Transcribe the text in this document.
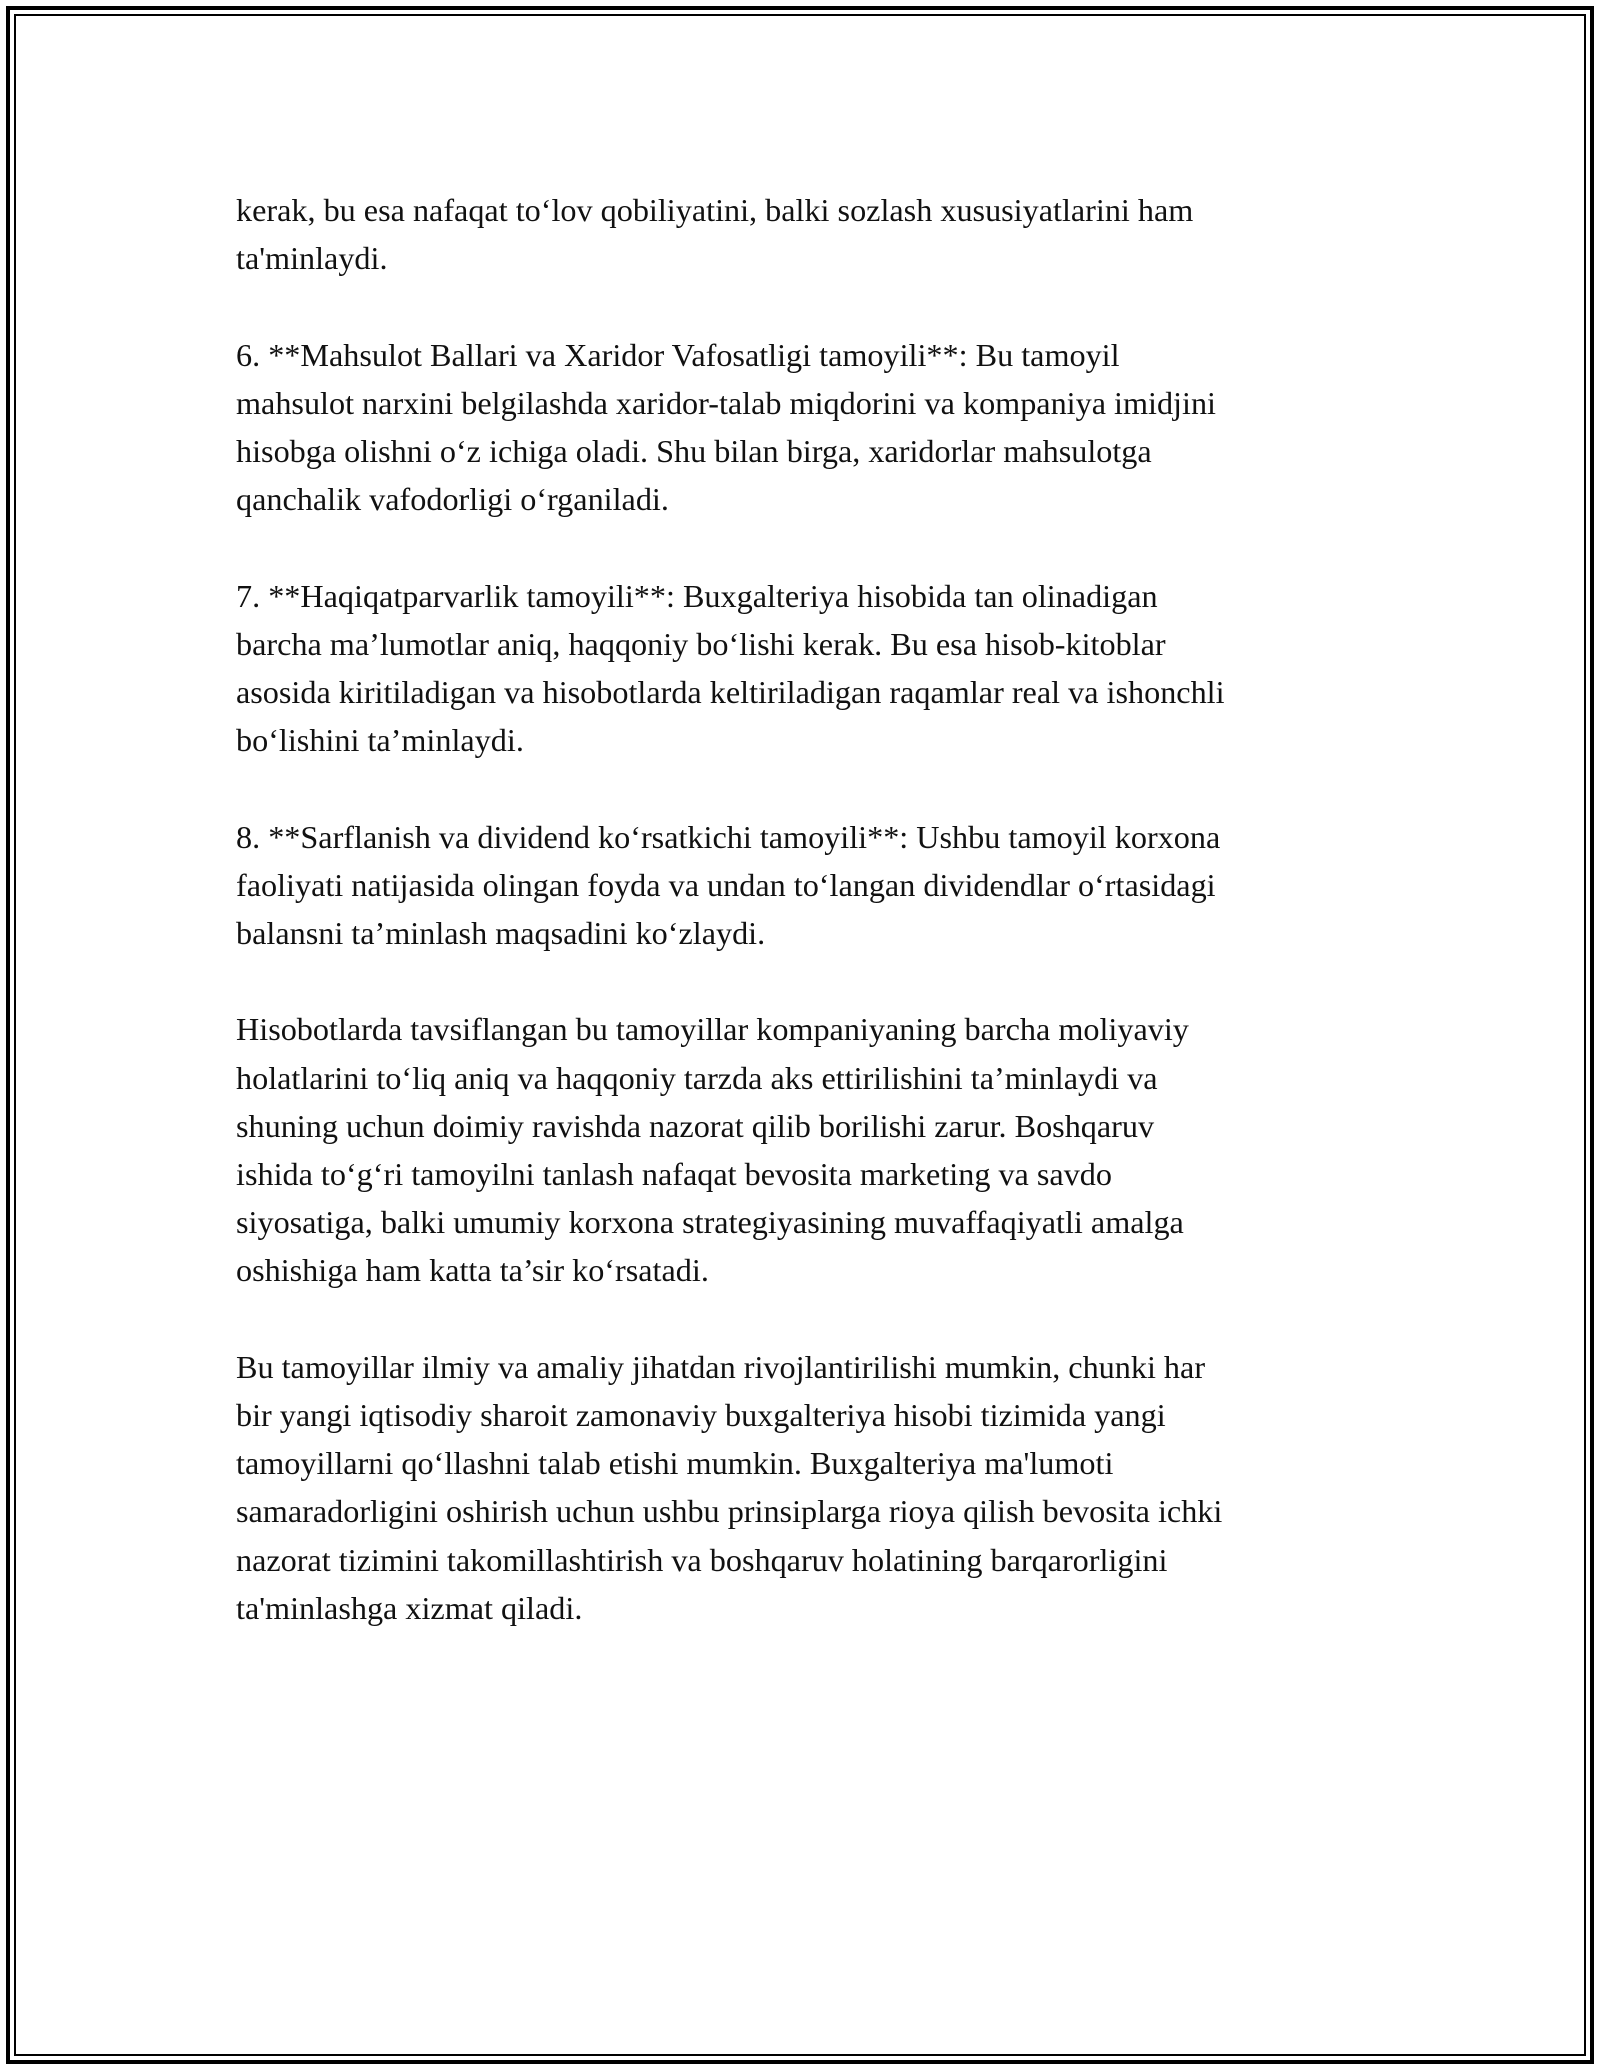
kerak, bu esa nafaqat to‘lov qobiliyatini, balki sozlash xususiyatlarini ham
ta'minlaydi.

6. **Mahsulot Ballari va Xaridor Vafosatligi tamoyili**: Bu tamoyil
mahsulot narxini belgilashda xaridor-talab miqdorini va kompaniya imidjini
hisobga olishni o‘z ichiga oladi. Shu bilan birga, xaridorlar mahsulotga
qanchalik vafodorligi o‘rganiladi.

7. **Haqiqatparvarlik tamoyili**: Buxgalteriya hisobida tan olinadigan
barcha ma’lumotlar aniq, haqqoniy bo‘lishi kerak. Bu esa hisob-kitoblar
asosida kiritiladigan va hisobotlarda keltiriladigan raqamlar real va ishonchli
bo‘lishini ta’minlaydi.

8. **Sarflanish va dividend ko‘rsatkichi tamoyili**: Ushbu tamoyil korxona
faoliyati natijasida olingan foyda va undan to‘langan dividendlar o‘rtasidagi
balansni ta’minlash maqsadini ko‘zlaydi.

Hisobotlarda tavsiflangan bu tamoyillar kompaniyaning barcha moliyaviy
holatlarini to‘liq aniq va haqqoniy tarzda aks ettirilishini ta’minlaydi va
shuning uchun doimiy ravishda nazorat qilib borilishi zarur. Boshqaruv
ishida to‘g‘ri tamoyilni tanlash nafaqat bevosita marketing va savdo
siyosatiga, balki umumiy korxona strategiyasining muvaffaqiyatli amalga
oshishiga ham katta ta’sir ko‘rsatadi.

Bu tamoyillar ilmiy va amaliy jihatdan rivojlantirilishi mumkin, chunki har
bir yangi iqtisodiy sharoit zamonaviy buxgalteriya hisobi tizimida yangi
tamoyillarni qo‘llashni talab etishi mumkin. Buxgalteriya ma'lumoti
samaradorligini oshirish uchun ushbu prinsiplarga rioya qilish bevosita ichki
nazorat tizimini takomillashtirish va boshqaruv holatining barqarorligini
ta'minlashga xizmat qiladi.
